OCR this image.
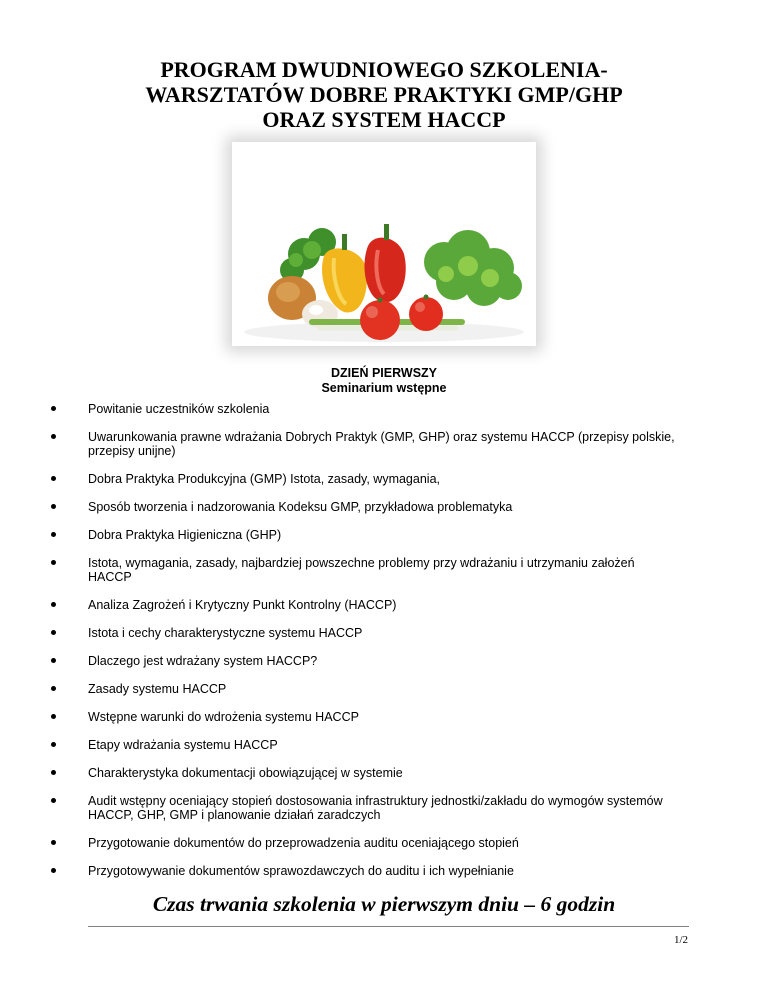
PROGRAM DWUDNIOWEGO SZKOLENIA-
WARSZTATÓW DOBRE PRAKTYKI GMP/GHP
ORAZ SYSTEM HACCP
DZIEŃ PIERWSZY
Seminarium wstępne
Powitanie uczestników szkolenia
Uwarunkowania prawne wdrażania Dobrych Praktyk (GMP, GHP) oraz systemu HACCP (przepisy polskie,
przepisy unijne)
Dobra Praktyka Produkcyjna (GMP) Istota, zasady, wymagania,
Sposób tworzenia i nadzorowania Kodeksu GMP, przykładowa problematyka
Dobra Praktyka Higieniczna (GHP)
Istota, wymagania, zasady, najbardziej powszechne problemy przy wdrażaniu i utrzymaniu założeń
HACCP
Analiza Zagrożeń i Krytyczny Punkt Kontrolny (HACCP)
Istota i cechy charakterystyczne systemu HACCP
Dlaczego jest wdrażany system HACCP?
Zasady systemu HACCP
Wstępne warunki do wdrożenia systemu HACCP
Etapy wdrażania systemu HACCP
Charakterystyka dokumentacji obowiązującej w systemie
Audit wstępny oceniający stopień dostosowania infrastruktury jednostki/zakładu do wymogów systemów
HACCP, GHP, GMP i planowanie działań zaradczych
Przygotowanie dokumentów do przeprowadzenia auditu oceniającego stopień
Przygotowywanie dokumentów sprawozdawczych do auditu i ich wypełnianie
Czas trwania szkolenia w pierwszym dniu – 6 godzin
1/2
